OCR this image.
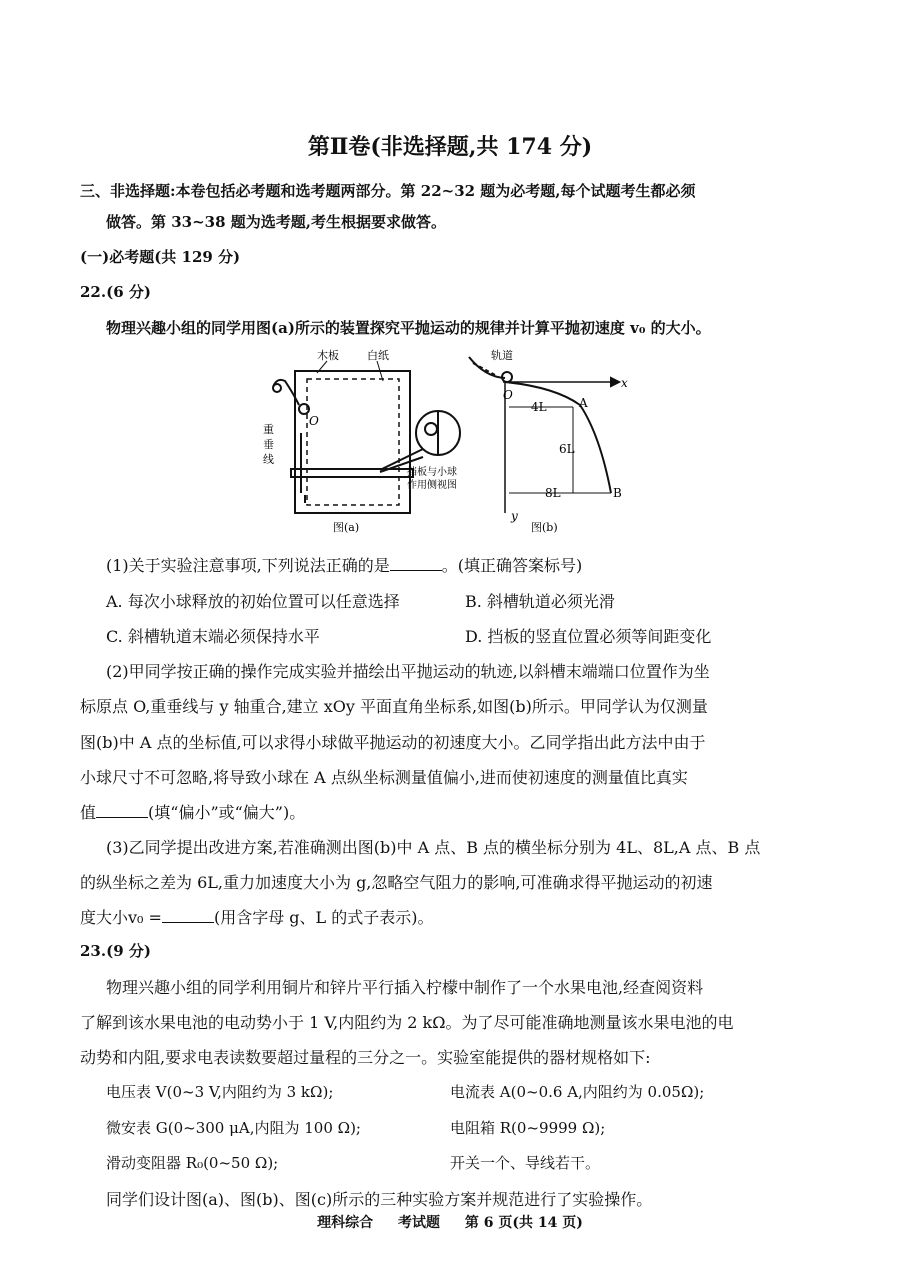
第Ⅱ卷(非选择题,共 174 分)
三、非选择题:本卷包括必考题和选考题两部分。第 22~32 题为必考题,每个试题考生都必须
做答。第 33~38 题为选考题,考生根据要求做答。
(一)必考题(共 129 分)
22.(6 分)
物理兴趣小组的同学用图(a)所示的装置探究平抛运动的规律并计算平抛初速度 v₀ 的大小。
木板	白纸
O
重
垂
线
挡板与小球
作用侧视图
图(a)
O
轨道
x
y
4L	A
6L
8L	B
图(b)
(1)关于实验注意事项,下列说法正确的是	。(填正确答案标号)
A. 每次小球释放的初始位置可以任意选择	B. 斜槽轨道必须光滑
C. 斜槽轨道末端必须保持水平	D. 挡板的竖直位置必须等间距变化
(2)甲同学按正确的操作完成实验并描绘出平抛运动的轨迹,以斜槽末端端口位置作为坐
标原点 O,重垂线与 y 轴重合,建立 xOy 平面直角坐标系,如图(b)所示。甲同学认为仅测量
图(b)中 A 点的坐标值,可以求得小球做平抛运动的初速度大小。乙同学指出此方法中由于
小球尺寸不可忽略,将导致小球在 A 点纵坐标测量值偏小,进而使初速度的测量值比真实
值	(填“偏小”或“偏大”)。
(3)乙同学提出改进方案,若准确测出图(b)中 A 点、B 点的横坐标分别为 4L、8L,A 点、B 点
的纵坐标之差为 6L,重力加速度大小为 g,忽略空气阻力的影响,可准确求得平抛运动的初速
度大小v₀ =	(用含字母 g、L 的式子表示)。
23.(9 分)
物理兴趣小组的同学利用铜片和锌片平行插入柠檬中制作了一个水果电池,经查阅资料
了解到该水果电池的电动势小于 1 V,内阻约为 2 kΩ。为了尽可能准确地测量该水果电池的电
动势和内阻,要求电表读数要超过量程的三分之一。实验室能提供的器材规格如下:
电压表 V(0~3 V,内阻约为 3 kΩ);	电流表 A(0~0.6 A,内阻约为 0.05Ω);
微安表 G(0~300 μA,内阻为 100 Ω);	电阻箱 R(0~9999 Ω);
滑动变阻器 R₀(0~50 Ω);	开关一个、导线若干。
同学们设计图(a)、图(b)、图(c)所示的三种实验方案并规范进行了实验操作。
理科综合 考试题 第 6 页(共 14 页)
